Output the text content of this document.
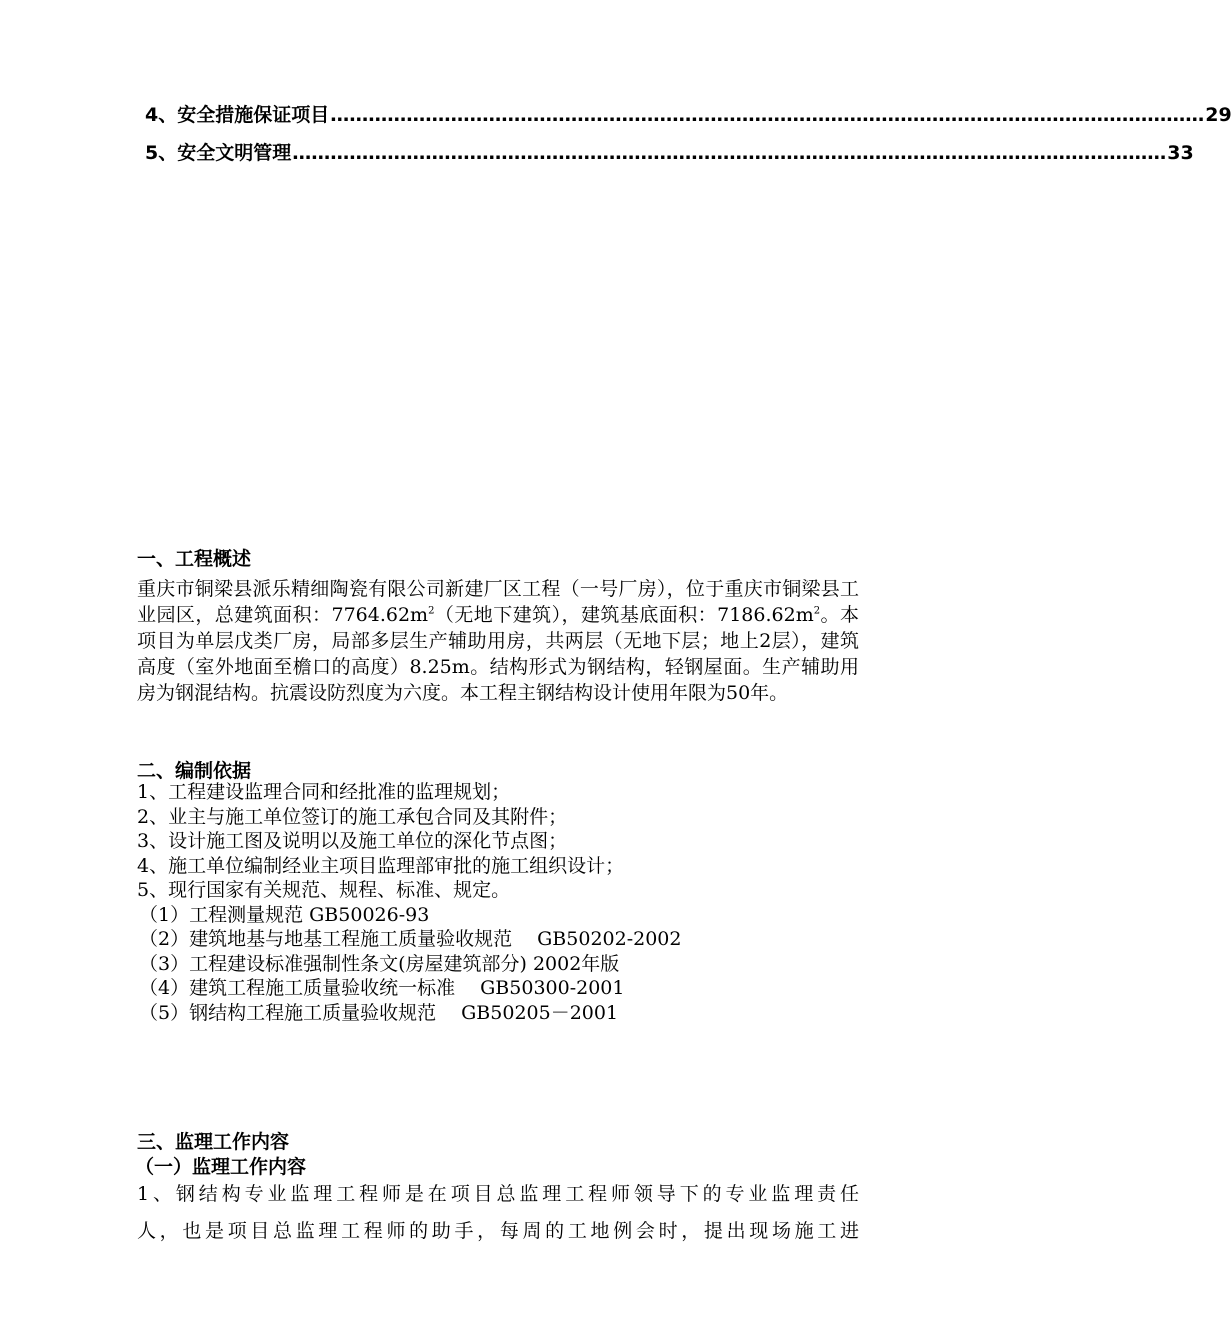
4、安全措施保证项目 ………………………………………………………………………………………………………………………… 29
5、安全文明管理 ………………………………………………………………………………………………………………………… 33
一、工程概述
重庆市铜梁县派乐精细陶瓷有限公司新建厂区工程（一号厂房），位于重庆市铜梁县工业园区，总建筑面积：$7764.62m^2$（无地下建筑），建筑基底面积：$7186.62m^2$。本项目为单层戊类厂房，局部多层生产辅助用房，共两层（无地下层；地上2层），建筑高度（室外地面至檐口的高度）8.25m。结构形式为钢结构，轻钢屋面。生产辅助用房为钢混结构。抗震设防烈度为六度。本工程主钢结构设计使用年限为50年。
二、编制依据
1、工程建设监理合同和经批准的监理规划；
2、业主与施工单位签订的施工承包合同及其附件；
3、设计施工图及说明以及施工单位的深化节点图；
4、施工单位编制经业主项目监理部审批的施工组织设计；
5、现行国家有关规范、规程、标准、规定。
（1）工程测量规范 GB50026-93
（2）建筑地基与地基工程施工质量验收规范　 GB50202-2002
（3）工程建设标准强制性条文(房屋建筑部分) 2002年版
（4）建筑工程施工质量验收统一标准　 GB50300-2001
（5）钢结构工程施工质量验收规范　 GB50205－2001
三、监理工作内容
（一）监理工作内容
1、钢结构专业监理工程师是在项目总监理工程师领导下的专业监理责任
人，也是项目总监理工程师的助手，每周的工地例会时，提出现场施工进
